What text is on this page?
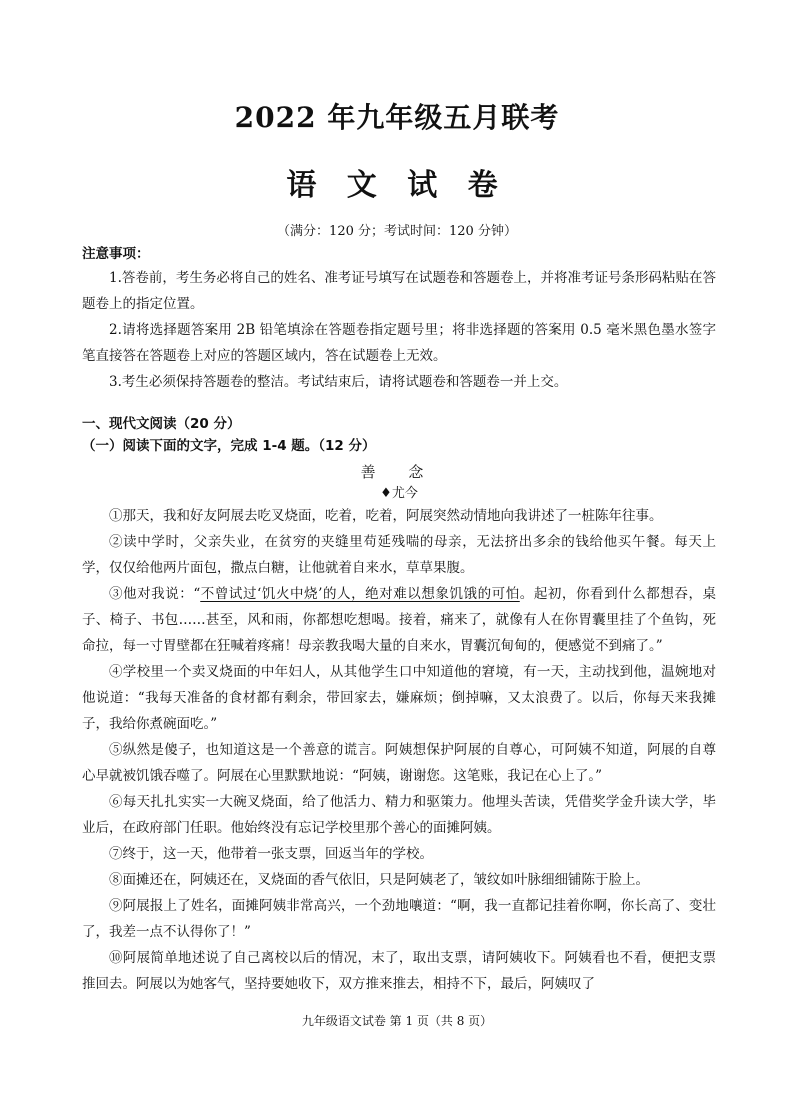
2022 年九年级五月联考
语 文 试 卷
（满分：120 分；考试时间：120 分钟）
注意事项：

1.答卷前，考生务必将自己的姓名、准考证号填写在试题卷和答题卷上，并将准考证号条形码粘贴在答题卷上的指定位置。

2.请将选择题答案用 2B 铅笔填涂在答题卷指定题号里；将非选择题的答案用 0.5 毫米黑色墨水签字笔直接答在答题卷上对应的答题区域内，答在试题卷上无效。

3.考生必须保持答题卷的整洁。考试结束后，请将试题卷和答题卷一并上交。

一、现代文阅读（20 分）
（一）阅读下面的文字，完成 1-4 题。（12 分）
善 念
♦尤今

①那天，我和好友阿展去吃叉烧面，吃着，吃着，阿展突然动情地向我讲述了一桩陈年往事。

②读中学时，父亲失业，在贫穷的夹缝里苟延残喘的母亲，无法挤出多余的钱给他买午餐。每天上学，仅仅给他两片面包，撒点白糖，让他就着自来水，草草果腹。

③他对我说：“不曾试过‘饥火中烧’的人，绝对难以想象饥饿的可怕。起初，你看到什么都想吞，桌子、椅子、书包……甚至，风和雨，你都想吃想喝。接着，痛来了，就像有人在你胃囊里挂了个鱼钩，死命拉，每一寸胃壁都在狂喊着疼痛！母亲教我喝大量的自来水，胃囊沉甸甸的，便感觉不到痛了。”

④学校里一个卖叉烧面的中年妇人，从其他学生口中知道他的窘境，有一天，主动找到他，温婉地对他说道：“我每天准备的食材都有剩余，带回家去，嫌麻烦；倒掉嘛，又太浪费了。以后，你每天来我摊子，我给你煮碗面吃。”

⑤纵然是傻子，也知道这是一个善意的谎言。阿姨想保护阿展的自尊心，可阿姨不知道，阿展的自尊心早就被饥饿吞噬了。阿展在心里默默地说：“阿姨，谢谢您。这笔账，我记在心上了。”

⑥每天扎扎实实一大碗叉烧面，给了他活力、精力和驱策力。他埋头苦读，凭借奖学金升读大学，毕业后，在政府部门任职。他始终没有忘记学校里那个善心的面摊阿姨。

⑦终于，这一天，他带着一张支票，回返当年的学校。

⑧面摊还在，阿姨还在，叉烧面的香气依旧，只是阿姨老了，皱纹如叶脉细细铺陈于脸上。

⑨阿展报上了姓名，面摊阿姨非常高兴，一个劲地嚷道：“啊，我一直都记挂着你啊，你长高了、变壮了，我差一点不认得你了！”

⑩阿展简单地述说了自己离校以后的情况，末了，取出支票，请阿姨收下。阿姨看也不看，便把支票推回去。阿展以为她客气，坚持要她收下，双方推来推去，相持不下，最后，阿姨叹了

九年级语文试卷 第 1 页（共 8 页）
